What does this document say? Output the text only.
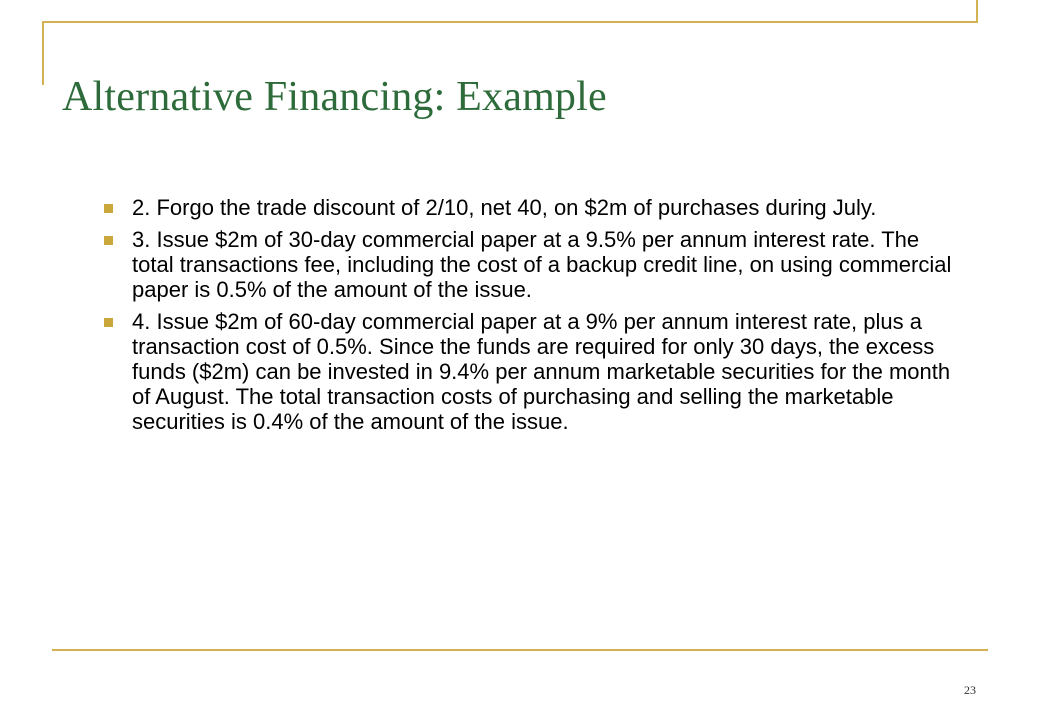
Alternative Financing: Example
2. Forgo the trade discount of 2/10, net 40, on $2m of purchases during July.
3. Issue $2m of 30-day commercial paper at a 9.5% per annum interest rate. The total transactions fee, including the cost of a backup credit line, on using commercial paper is 0.5% of the amount of the issue.
4. Issue $2m of 60-day commercial paper at a 9% per annum interest rate, plus a transaction cost of 0.5%. Since the funds are required for only 30 days, the excess funds ($2m) can be invested in 9.4% per annum marketable securities for the month of August. The total transaction costs of purchasing and selling the marketable securities is 0.4% of the amount of the issue.
23
